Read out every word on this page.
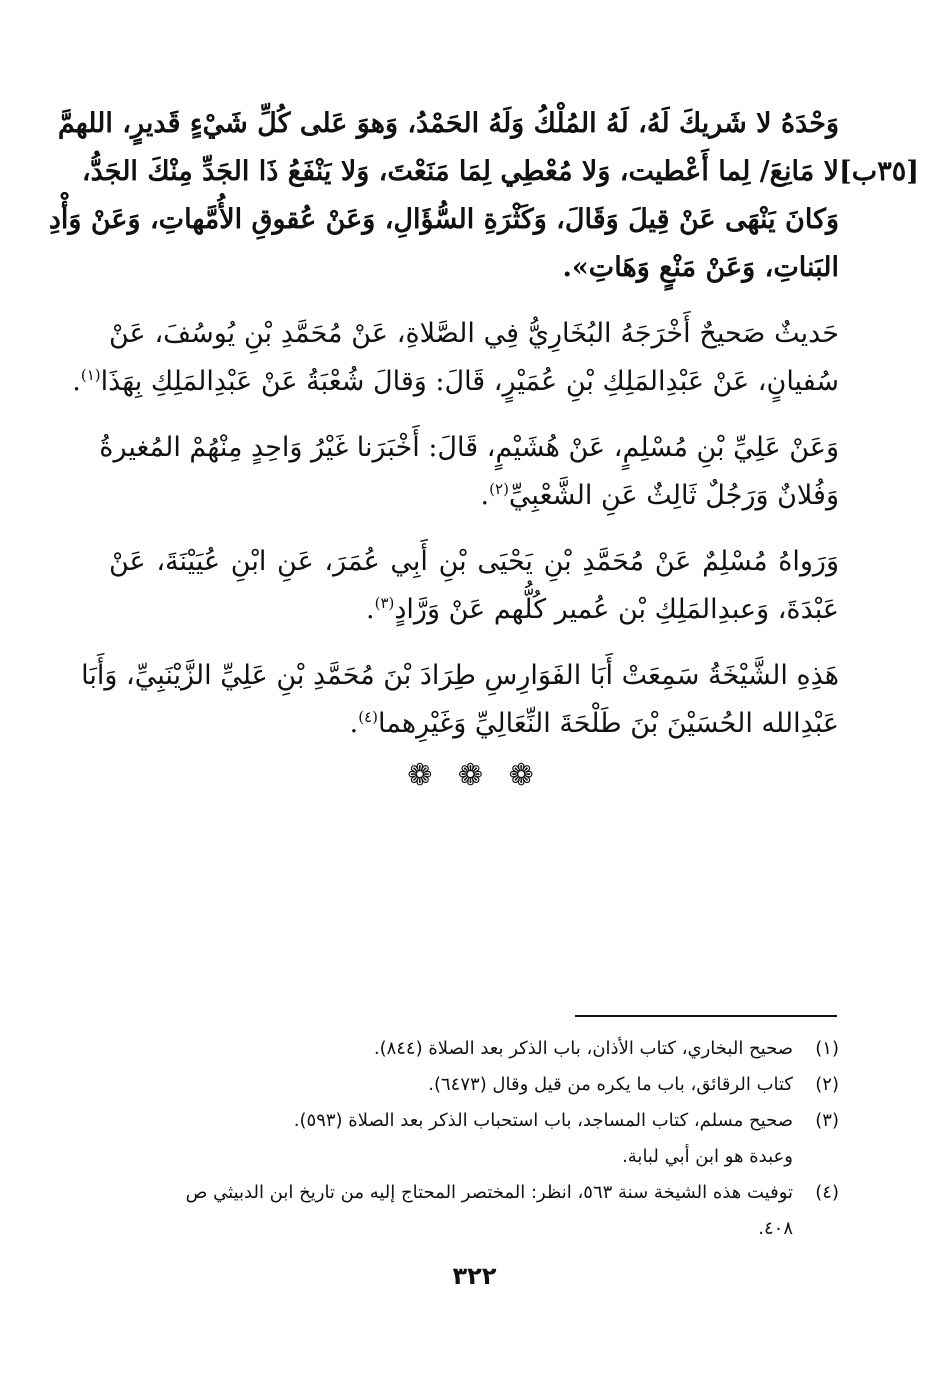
وَحْدَهُ لا شَريكَ لَهُ، لَهُ المُلْكُ وَلَهُ الحَمْدُ، وَهوَ عَلى كُلِّ شَيْءٍ قَديرٍ، اللهمَّ
[٣٥ب]
لا مَانِعَ/ لِما أَعْطيت، وَلا مُعْطِي لِمَا مَنَعْتَ، وَلا يَنْفَعُ ذَا الجَدِّ مِنْكَ الجَدُّ،
وَكانَ يَنْهَى عَنْ قِيلَ وَقَالَ، وَكَثْرَةِ السُّؤَالِ، وَعَنْ عُقوقِ الأُمَّهاتِ، وَعَنْ وَأْدِ
البَناتِ، وَعَنْ مَنْعٍ وَهَاتِ».
حَديثٌ صَحيحٌ أَخْرَجَهُ البُخَارِيُّ فِي الصَّلاةِ، عَنْ مُحَمَّدِ بْنِ يُوسُفَ، عَنْ
سُفيانٍ، عَنْ عَبْدِالمَلِكِ بْنِ عُمَيْرٍ، قَالَ: وَقالَ شُعْبَةُ عَنْ عَبْدِالمَلِكِ بِهَذَا$^{(١)}$.
وَعَنْ عَلِيِّ بْنِ مُسْلِمٍ، عَنْ هُشَيْمٍ، قَالَ: أَخْبَرَنا غَيْرُ وَاحِدٍ مِنْهُمْ المُغيرةُ
وَفُلانٌ وَرَجُلٌ ثَالِثٌ عَنِ الشَّعْبِيِّ$^{(٢)}$.
وَرَواهُ مُسْلِمٌ عَنْ مُحَمَّدِ بْنِ يَحْيَى بْنِ أَبِي عُمَرَ، عَنِ ابْنِ عُيَيْنَةَ، عَنْ
عَبْدَةَ، وَعبدِالمَلِكِ بْن عُمير كُلُّهم عَنْ وَرَّادٍ$^{(٣)}$.
هَذِهِ الشَّيْخَةُ سَمِعَتْ أَبَا الفَوَارِسِ طِرَادَ بْنَ مُحَمَّدِ بْنِ عَلِيِّ الزَّيْنَبِيِّ، وَأَبَا
عَبْدِالله الحُسَيْنَ بْنَ طَلْحَةَ النِّعَالِيِّ وَغَيْرِهما$^{(٤)}$.
❁ ❁ ❁
(١)صحيح البخاري، كتاب الأذان، باب الذكر بعد الصلاة (٨٤٤).
(٢)كتاب الرقائق، باب ما يكره من قيل وقال (٦٤٧٣).
(٣)صحيح مسلم، كتاب المساجد، باب استحباب الذكر بعد الصلاة (٥٩٣).
وعبدة هو ابن أبي لبابة.
(٤)توفيت هذه الشيخة سنة ٥٦٣، انظر: المختصر المحتاج إليه من تاريخ ابن الدبيثي ص
٤٠٨.
٣٢٢
